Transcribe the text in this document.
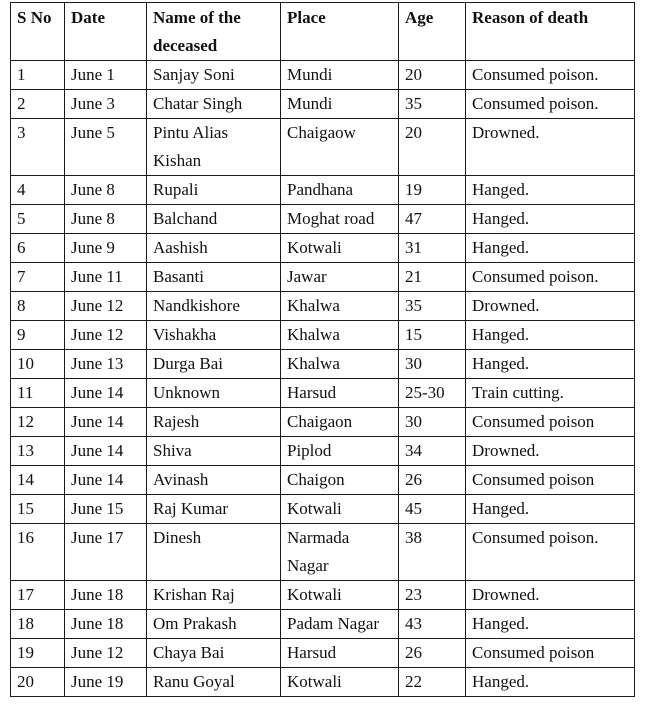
S No	Date	Name of the deceased	Place	Age	Reason of death
1	June 1	Sanjay Soni	Mundi	20	Consumed poison.
2	June 3	Chatar Singh	Mundi	35	Consumed poison.
3	June 5	Pintu Alias Kishan	Chaigaow	20	Drowned.
4	June 8	Rupali	Pandhana	19	Hanged.
5	June 8	Balchand	Moghat road	47	Hanged.
6	June 9	Aashish	Kotwali	31	Hanged.
7	June 11	Basanti	Jawar	21	Consumed poison.
8	June 12	Nandkishore	Khalwa	35	Drowned.
9	June 12	Vishakha	Khalwa	15	Hanged.
10	June 13	Durga Bai	Khalwa	30	Hanged.
11	June 14	Unknown	Harsud	25-30	Train cutting.
12	June 14	Rajesh	Chaigaon	30	Consumed poison
13	June 14	Shiva	Piplod	34	Drowned.
14	June 14	Avinash	Chaigon	26	Consumed poison
15	June 15	Raj Kumar	Kotwali	45	Hanged.
16	June 17	Dinesh	Narmada Nagar	38	Consumed poison.
17	June 18	Krishan Raj	Kotwali	23	Drowned.
18	June 18	Om Prakash	Padam Nagar	43	Hanged.
19	June 12	Chaya Bai	Harsud	26	Consumed poison
20	June 19	Ranu Goyal	Kotwali	22	Hanged.
